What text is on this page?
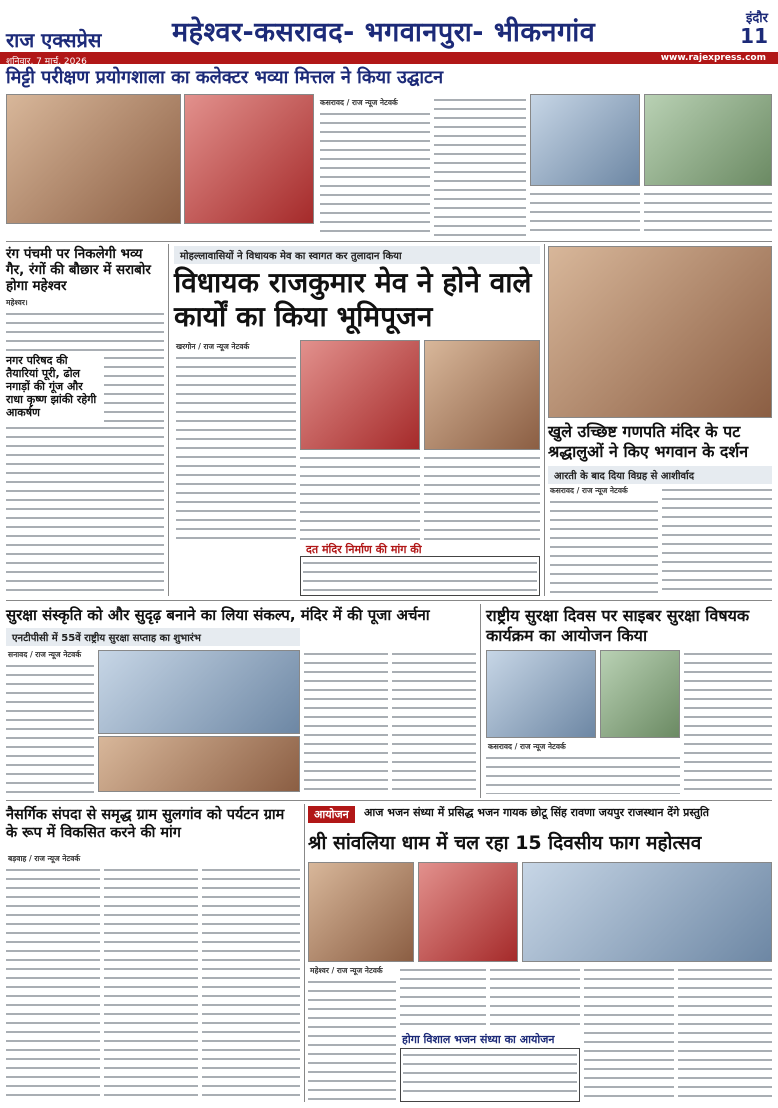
राज एक्सप्रेस	महेश्वर-कसरावद- भगवानपुरा- भीकनगांव	इंदौर
11
शनिवार, 7 मार्च, 2026	www.rajexpress.com
मिट्टी परीक्षण प्रयोगशाला का कलेक्टर भव्या मित्तल ने किया उद्घाटन
कसरावद / राज न्यूज नेटवर्क
रंग पंचमी पर निकलेगी भव्य गैर, रंगों की बौछार में सराबोर होगा महेश्वर
महेश्वर।
नगर परिषद की तैयारियां पूरी, ढोल नगाड़ों की गूंज और राधा कृष्ण झांकी रहेगी आकर्षण
मोहल्लावासियों ने विधायक मेव का स्वागत कर तुलादान किया
विधायक राजकुमार मेव ने होने वाले कार्यों का किया भूमिपूजन
खरगोन / राज न्यूज नेटवर्क
दत मंदिर निर्माण की मांग की
खुले उच्छिष्ट गणपति मंदिर के पट श्रद्धालुओं ने किए भगवान के दर्शन
आरती के बाद दिया विग्रह से आशीर्वाद
कसरावद / राज न्यूज नेटवर्क
सुरक्षा संस्कृति को और सुदृढ़ बनाने का लिया संकल्प, मंदिर में की पूजा अर्चना
एनटीपीसी में 55वें राष्ट्रीय सुरक्षा सप्ताह का शुभारंभ
सनावद / राज न्यूज नेटवर्क
राष्ट्रीय सुरक्षा दिवस पर साइबर सुरक्षा विषयक कार्यक्रम का आयोजन किया
कसरावद / राज न्यूज नेटवर्क
नैसर्गिक संपदा से समृद्ध ग्राम सुलगांव को पर्यटन ग्राम के रूप में विकसित करने की मांग
बड़वाह / राज न्यूज नेटवर्क
आयोजन	आज भजन संध्या में प्रसिद्ध भजन गायक छोटू सिंह रावणा जयपुर राजस्थान देंगे प्रस्तुति
श्री सांवलिया धाम में चल रहा 15 दिवसीय फाग महोत्सव
महेश्वर / राज न्यूज नेटवर्क
होगा विशाल भजन संध्या का आयोजन
